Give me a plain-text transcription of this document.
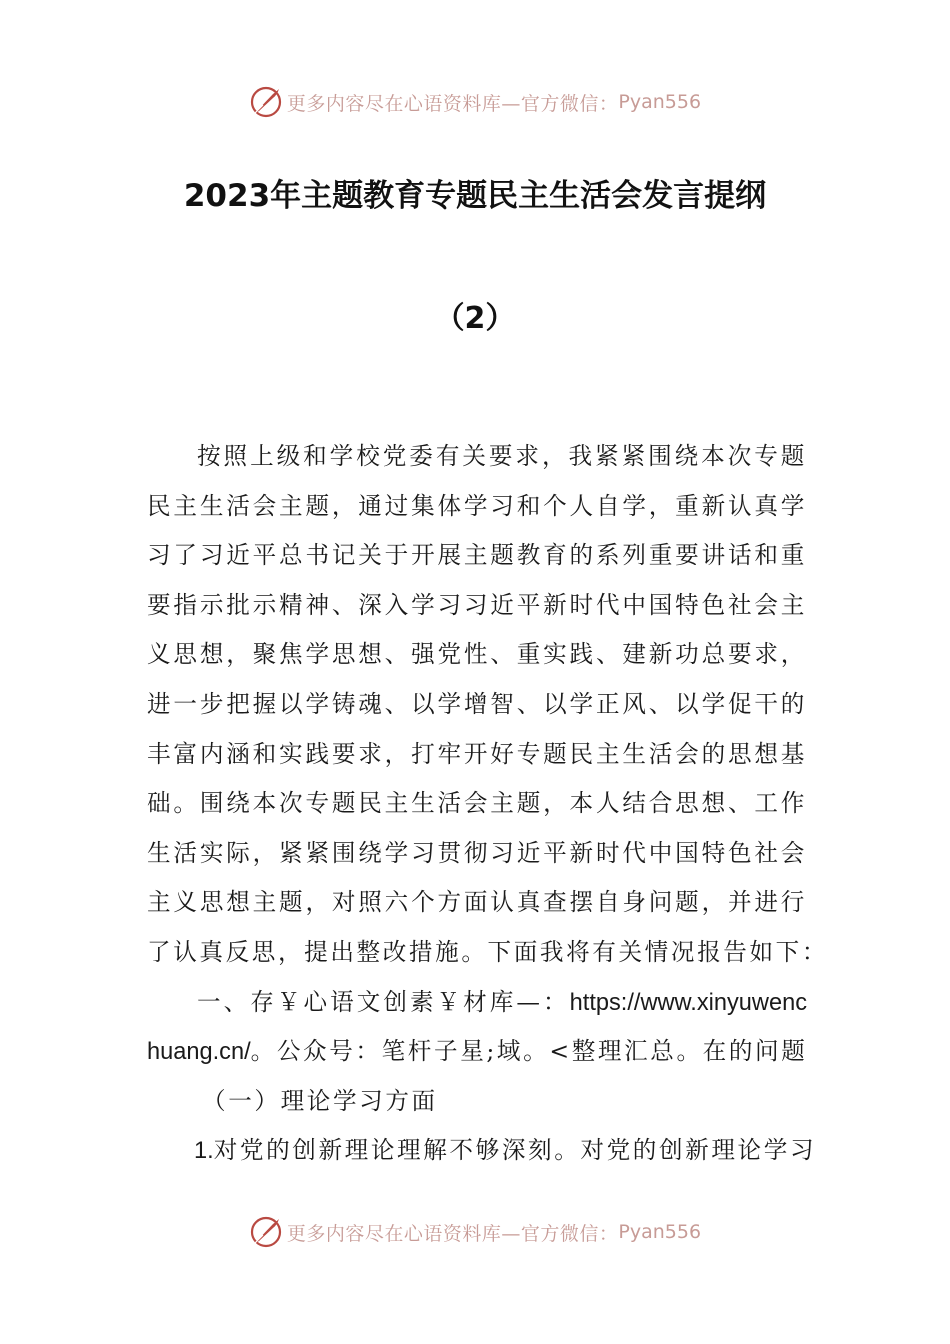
更多内容尽在心语资料库—官方微信： Pyan556
2023年主题教育专题民主生活会发言提纲
（2）
按照上级和学校党委有关要求，我紧紧围绕本次专题
民主生活会主题，通过集体学习和个人自学，重新认真学
习了习近平总书记关于开展主题教育的系列重要讲话和重
要指示批示精神、深入学习习近平新时代中国特色社会主
义思想，聚焦学思想、强党性、重实践、建新功总要求，
进一步把握以学铸魂、以学增智、以学正风、以学促干的
丰富内涵和实践要求，打牢开好专题民主生活会的思想基
础。围绕本次专题民主生活会主题，本人结合思想、工作
生活实际，紧紧围绕学习贯彻习近平新时代中国特色社会
主义思想主题，对照六个方面认真查摆自身问题，并进行
了认真反思，提出整改措施。下面我将有关情况报告如下：
一、存￥心语文创素￥材库—：https://www.xinyuwenc
huang.cn/。公众号：笔杆子星;域。<整理汇总。在的问题
（一）理论学习方面
1.对党的创新理论理解不够深刻。对党的创新理论学习
更多内容尽在心语资料库—官方微信： Pyan556
